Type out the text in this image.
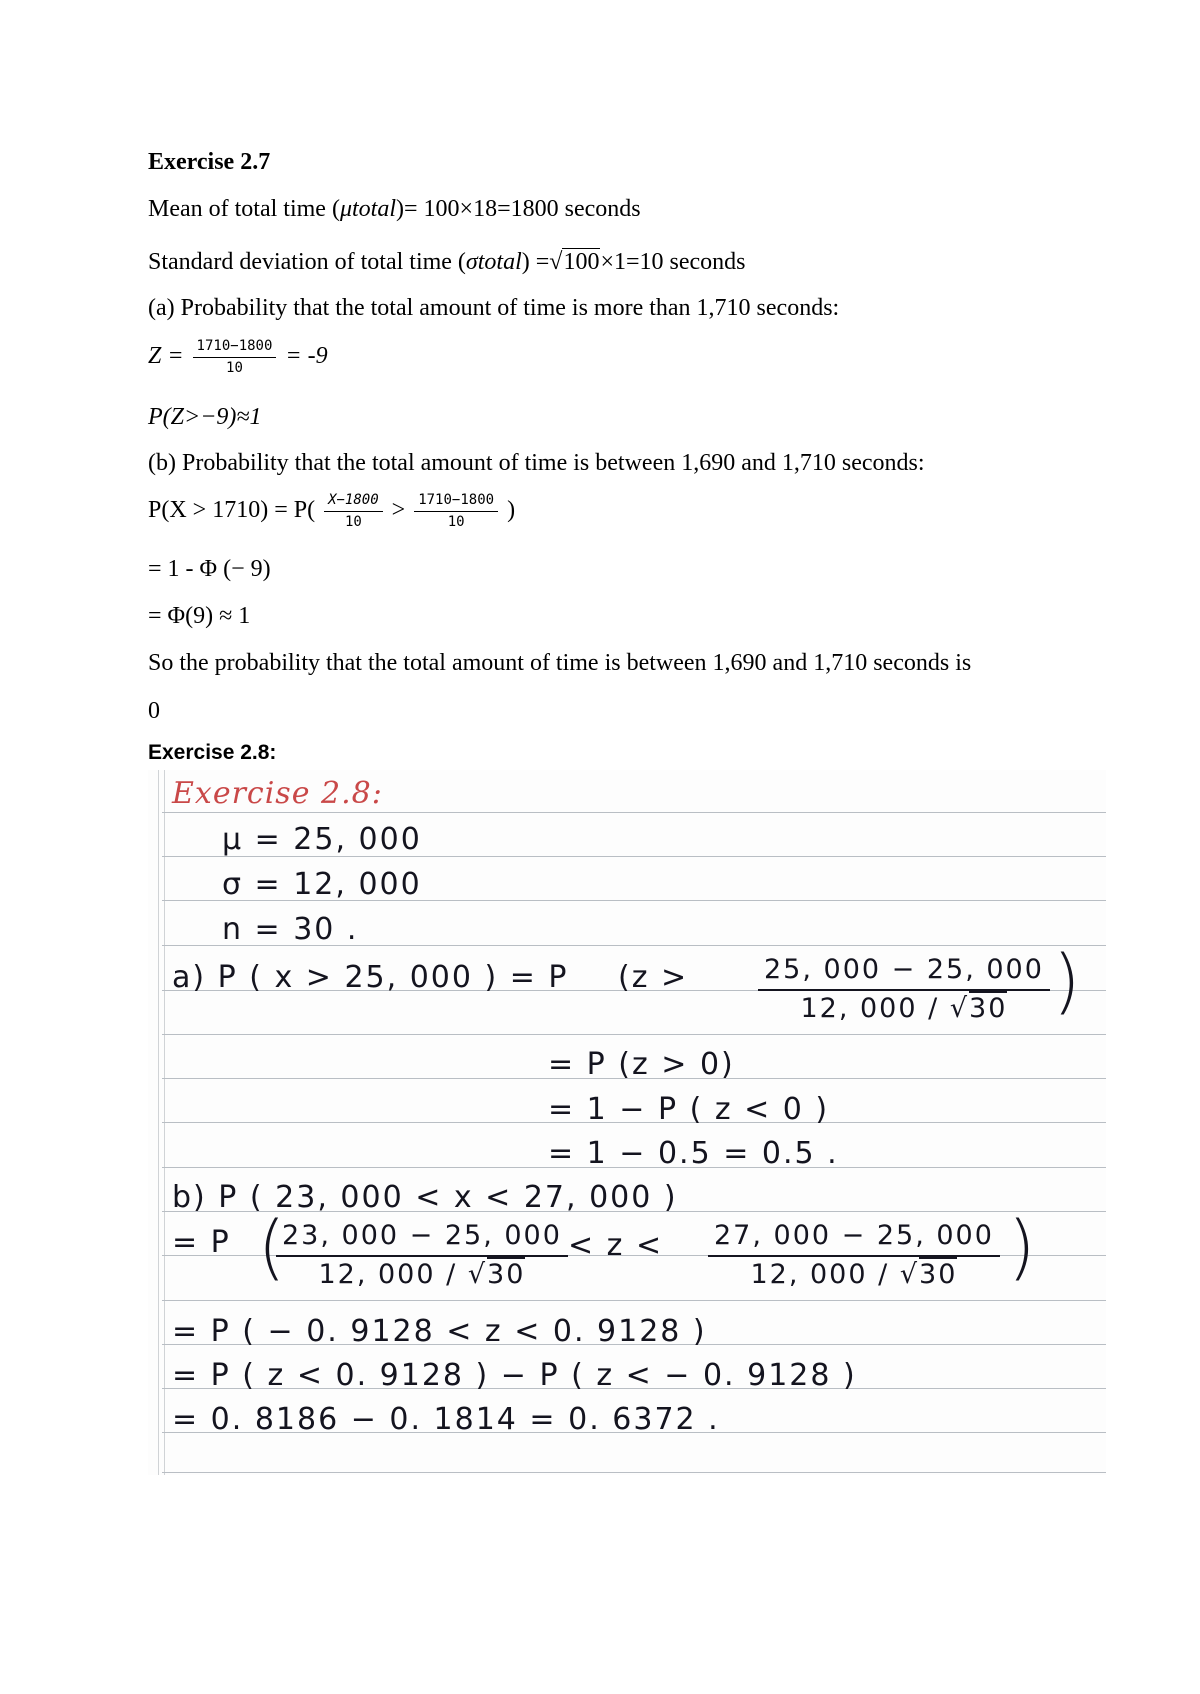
Exercise 2.7
Mean of total time (μtotal)= 100×18=1800 seconds
Standard deviation of total time (σtotal) =√100×1=10 seconds
(a) Probability that the total amount of time is more than 1,710 seconds:
$Z = \frac{1710-1800}{10} = -9$
P(Z>−9)≈1
(b) Probability that the total amount of time is between 1,690 and 1,710 seconds:
$P(X > 1710) = P( \frac{X-1800}{10} > \frac{1710-1800}{10}$ )
= 1 - Φ (− 9)
= Φ(9) ≈ 1
So the probability that the total amount of time is between 1,690 and 1,710 seconds is
0
Exercise 2.8:
Exercise 2.8:
μ = 25, 000
σ = 12, 000
n = 30 .
a) P ( x > 25, 000 ) = P (z >	$\frac{25, 000 - 25, 000}{12, 000 / √30}$ )
= P (z > 0)
= 1 − P ( z < 0 )
= 1 − 0.5 = 0.5 .
b) P ( 23, 000 < x < 27, 000 )
= P (
$\frac{23, 000 - 25, 000}{12, 000 / √30} < z < \frac{27, 000 - 25, 000}{12, 000 / √30}$ )
= P ( − 0. 9128 < z < 0. 9128 )
= P ( z < 0. 9128 ) − P ( z < − 0. 9128 )
= 0. 8186 − 0. 1814 = 0. 6372 .
